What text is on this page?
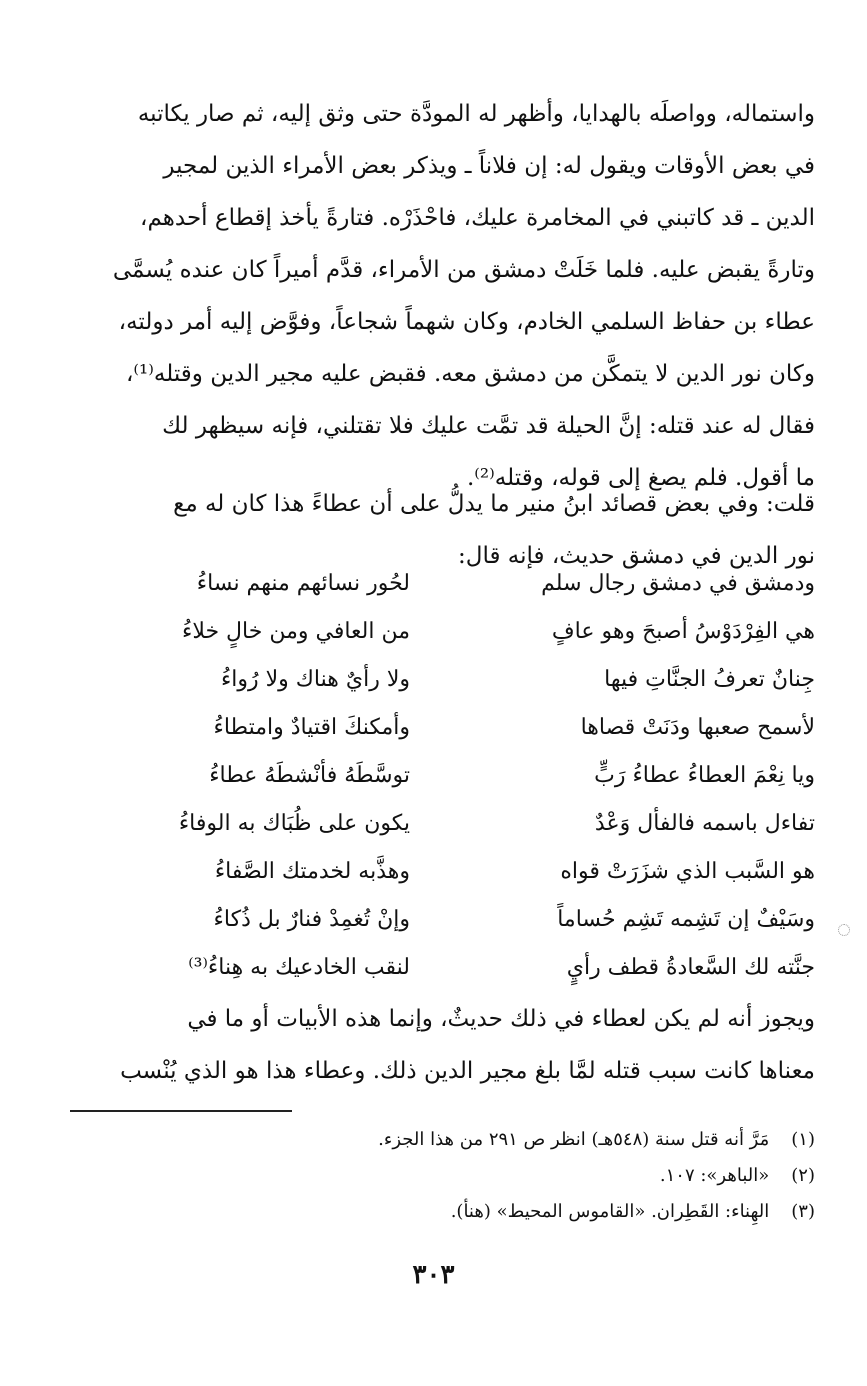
واستماله، وواصلَه بالهدايا، وأظهر له المودَّة حتى وثق إليه، ثم صار يكاتبه
في بعض الأوقات ويقول له: إن فلاناً ـ ويذكر بعض الأمراء الذين لمجير
الدين ـ قد كاتبني في المخامرة عليك، فاحْذَرْه. فتارةً يأخذ إقطاع أحدهم،
وتارةً يقبض عليه. فلما خَلَتْ دمشق من الأمراء، قدَّم أميراً كان عنده يُسمَّى
عطاء بن حفاظ السلمي الخادم، وكان شهماً شجاعاً، وفوَّض إليه أمر دولته،
وكان نور الدين لا يتمكَّن من دمشق معه. فقبض عليه مجير الدين وقتله⁽¹⁾،
فقال له عند قتله: إنَّ الحيلة قد تمَّت عليك فلا تقتلني، فإنه سيظهر لك
ما أقول. فلم يصغ إلى قوله، وقتله⁽²⁾.
قلت: وفي بعض قصائد ابنُ منير ما يدلُّ على أن عطاءً هذا كان له مع
نور الدين في دمشق حديث، فإنه قال:
ودمشق في دمشق رجال سلم
لحُور نسائهم منهم نساءُ
هي الفِرْدَوْسُ أصبحَ وهو عافٍ
من العافي ومن خالٍ خلاءُ
جِنانٌ تعرفُ الجنَّاتِ فيها
ولا رأيٌ هناك ولا رُواءُ
لأسمح صعبها ودَنَتْ قصاها
وأمكنكَ اقتيادٌ وامتطاءُ
ويا نِعْمَ العطاءُ عطاءُ رَبٍّ
توسَّطَهُ فأنْشطَهُ عطاءُ
تفاءل باسمه فالفأل وَعْدٌ
يكون على ظُبَاك به الوفاءُ
هو السَّبب الذي شزَرَتْ قواه
وهذَّبه لخدمتك الصَّفاءُ
وسَيْفٌ إن تَشِمه تَشِم حُساماً
وإنْ تُغمِدْ فنارٌ بل ذُكاءُ
جنَّته لك السَّعادةُ قطف رأيٍ
لنقب الخادعيك به هِناءُ⁽³⁾
ويجوز أنه لم يكن لعطاء في ذلك حديثٌ، وإنما هذه الأبيات أو ما في
معناها كانت سبب قتله لمَّا بلغ مجير الدين ذلك. وعطاء هذا هو الذي يُنْسب
(١) مَرَّ أنه قتل سنة (٥٤٨هـ) انظر ص ٢٩١ من هذا الجزء.
(٢) «الباهر»: ١٠٧.
(٣) الهِناء: القَطِران. «القاموس المحيط» (هنأ).
٣٠٣
